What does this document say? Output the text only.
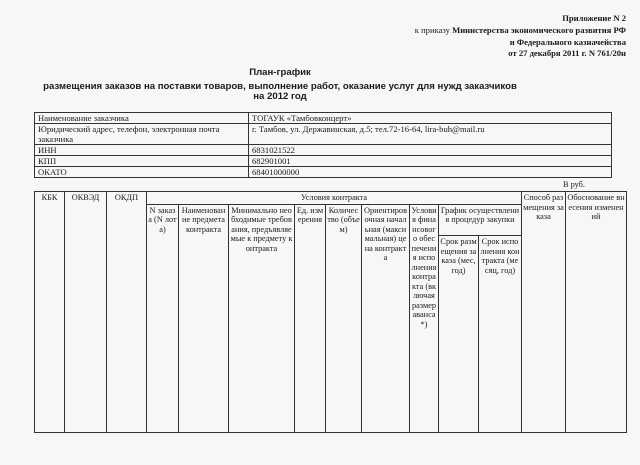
Приложение N 2
к приказу Министерства экономического развития РФ
и Федерального казначейства
от 27 декабря 2011 г. N 761/20н
План-график
размещения заказов на поставки товаров, выполнение работ, оказание услуг для нужд заказчиков
на 2012 год
Наименование заказчика	ТОГАУК «Тамбовконцерт»
Юридический адрес, телефон, электронная почта заказчика	г. Тамбов, ул. Державинская, д.5; тел.72-16-64, lira-buh@mail.ru
ИНН	6831021522
КПП	682901001
ОКАТО	68401000000
В руб.
КБК	ОКВЭД	ОКДП	Условия контракта									Способ размещения заказа	Обоснование внесения изменений
			N заказа (N лота)	Наименование предмета контракта	Минимально необходимые требования, предъявляемые к предмету контракта	Ед. измерения	Количество (объем)	Ориентировочная начальная (максимальная) цена контракта	Условия финансового обеспечения исполнения контракта (включая размер аванса*)	График осуществления процедур закупки			
										Срок размещения заказа (мес, год)	Срок исполнения контракта (месяц, год)		
